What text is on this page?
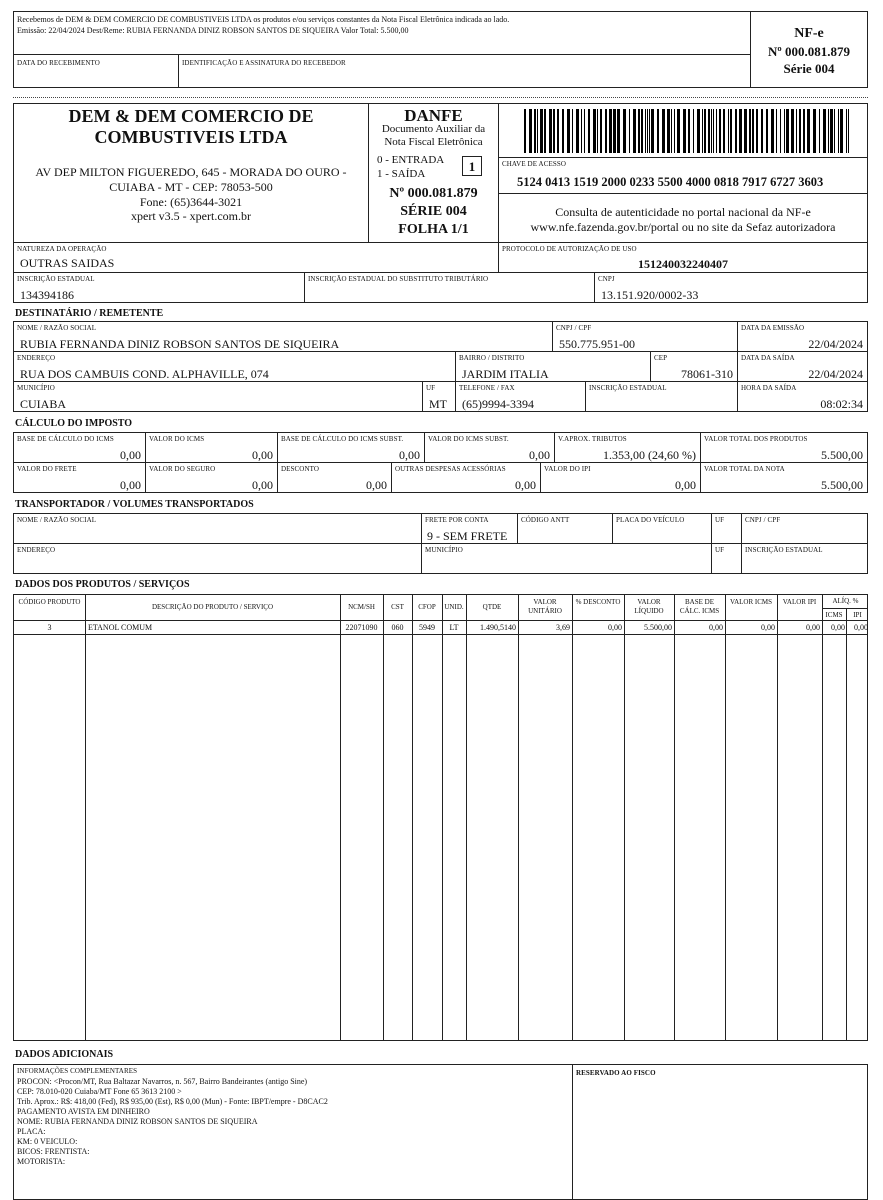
Recebemos de DEM & DEM COMERCIO DE COMBUSTIVEIS LTDA os produtos e/ou serviços constantes da Nota Fiscal Eletrônica indicada ao lado.
Emissão: 22/04/2024 Dest/Reme: RUBIA FERNANDA DINIZ ROBSON SANTOS DE SIQUEIRA Valor Total: 5.500,00
DATA DO RECEBIMENTO	IDENTIFICAÇÃO E ASSINATURA DO RECEBEDOR
NF-e
Nº 000.081.879
Série 004
DEM & DEM COMERCIO DE
COMBUSTIVEIS LTDA
AV DEP MILTON FIGUEREDO, 645 - MORADA DO OURO -
CUIABA - MT - CEP: 78053-500
Fone: (65)3644-3021
xpert v3.5 - xpert.com.br
DANFE
Documento Auxiliar da
Nota Fiscal Eletrônica
0 - ENTRADA
1 - SAÍDA	1
Nº 000.081.879
SÉRIE 004
FOLHA 1/1
CHAVE DE ACESSO
5124 0413 1519 2000 0233 5500 4000 0818 7917 6727 3603
Consulta de autenticidade no portal nacional da NF-e
www.nfe.fazenda.gov.br/portal ou no site da Sefaz autorizadora
NATUREZA DA OPERAÇÃO
OUTRAS SAIDAS
PROTOCOLO DE AUTORIZAÇÃO DE USO
151240032240407
INSCRIÇÃO ESTADUAL
134394186
INSCRIÇÃO ESTADUAL DO SUBSTITUTO TRIBUTÁRIO	CNPJ
13.151.920/0002-33
DESTINATÁRIO / REMETENTE
NOME / RAZÃO SOCIAL
RUBIA FERNANDA DINIZ ROBSON SANTOS DE SIQUEIRA
CNPJ / CPF
550.775.951-00
DATA DA EMISSÃO
22/04/2024
ENDEREÇO
RUA DOS CAMBUIS COND. ALPHAVILLE, 074
BAIRRO / DISTRITO
JARDIM ITALIA
CEP
78061-310
DATA DA SAÍDA
22/04/2024
MUNICÍPIO
CUIABA
UF
MT
TELEFONE / FAX
(65)9994-3394
INSCRIÇÃO ESTADUAL	HORA DA SAÍDA
08:02:34
CÁLCULO DO IMPOSTO
BASE DE CÁLCULO DO ICMS
0,00
VALOR DO ICMS
0,00
BASE DE CÁLCULO DO ICMS SUBST.
0,00
VALOR DO ICMS SUBST.
0,00
V.APROX. TRIBUTOS
1.353,00 (24,60 %)
VALOR TOTAL DOS PRODUTOS
5.500,00
VALOR DO FRETE
0,00
VALOR DO SEGURO
0,00
DESCONTO
0,00
OUTRAS DESPESAS ACESSÓRIAS
0,00
VALOR DO IPI
0,00
VALOR TOTAL DA NOTA
5.500,00
TRANSPORTADOR / VOLUMES TRANSPORTADOS
NOME / RAZÃO SOCIAL	FRETE POR CONTA
9 - SEM FRETE
CÓDIGO ANTT	PLACA DO VEÍCULO	UF	CNPJ / CPF
ENDEREÇO	MUNICÍPIO	UF	INSCRIÇÃO ESTADUAL
DADOS DOS PRODUTOS / SERVIÇOS
CÓDIGO PRODUTO
DESCRIÇÃO DO PRODUTO / SERVIÇO	NCM/SH	CST	CFOP	UNID.	QTDE
VALOR UNITÁRIO
% DESCONTO	VALOR LÍQUIDO
BASE DE CÁLC. ICMS
VALOR ICMS	VALOR IPI	ALÍQ. %
ICMS	IPI
3	ETANOL COMUM	22071090	060	5949	LT	1.490,5140	3,69	0,00	5.500,00	0,00	0,00	0,00	0,00	0,00
DADOS ADICIONAIS
INFORMAÇÕES COMPLEMENTARES
PROCON: <Procon/MT, Rua Baltazar Navarros, n. 567, Bairro Bandeirantes (antigo Sine)
CEP: 78.010-020 Cuiaba/MT Fone 65 3613 2100 >
Trib. Aprox.: R$: 418,00 (Fed), R$ 935,00 (Est), R$ 0,00 (Mun) - Fonte: IBPT/empre - D8CAC2
PAGAMENTO AVISTA EM DINHEIRO
NOME: RUBIA FERNANDA DINIZ ROBSON SANTOS DE SIQUEIRA
PLACA:
KM: 0 VEICULO:
BICOS: FRENTISTA:
MOTORISTA:
RESERVADO AO FISCO
